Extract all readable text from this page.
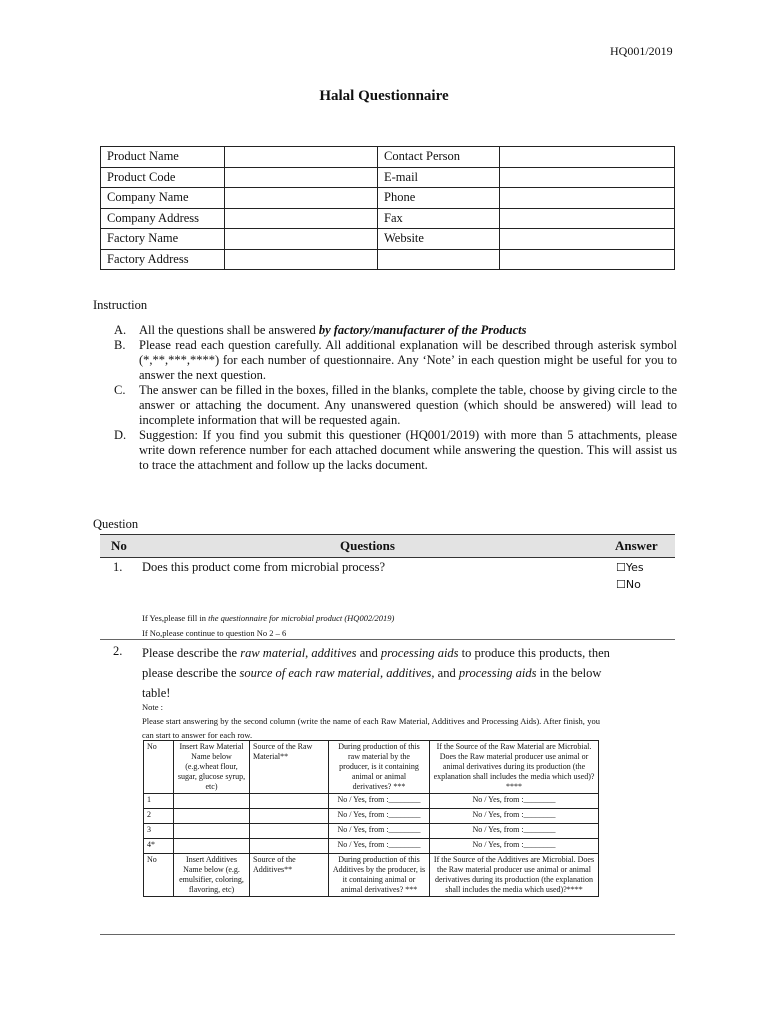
HQ001/2019
Halal Questionnaire
Product Name		Contact Person	
Product Code		E-mail	
Company Name		Phone	
Company Address		Fax	
Factory Name		Website	
Factory Address			
Instruction
A.	All the questions shall be answered by factory/manufacturer of the Products
B.	Please read each question carefully. All additional explanation will be described through asterisk symbol (*,**,***,****) for each number of questionnaire. Any ‘Note’ in each question might be useful for you to answer the next question.
C.	The answer can be filled in the boxes, filled in the blanks, complete the table, choose by giving circle to the answer or attaching the document. Any unanswered question (which should be answered) will lead to incomplete information that will be requested again.
D.	Suggestion: If you find you submit this questioner (HQ001/2019) with more than 5 attachments, please write down reference number for each attached document while answering the question. This will assist us to trace the attachment and follow up the lacks document.
Question
No	Questions	Answer
1. Does this product come from microbial process?	☐Yes
☐No
If Yes,please fill in the questionnaire for microbial product (HQ002/2019)
If No,please continue to question No 2 – 6
2. Please describe the raw material, additives and processing aids to produce this products, then please describe the source of each raw material, additives, and processing aids in the below table!
Note :
Please start answering by the second column (write the name of each Raw Material, Additives and Processing Aids). After finish, you can start to answer for each row.
No	Insert Raw Material Name below (e.g.wheat flour, sugar, glucose syrup, etc)	Source of the Raw Material**	During production of this raw material by the producer, is it containing animal or animal derivatives? ***	If the Source of the Raw Material are Microbial. Does the Raw material producer use animal or animal derivatives during its production (the explanation shall includes the media which used)?****
1			No / Yes, from :________	No / Yes, from :________
2			No / Yes, from :________	No / Yes, from :________
3			No / Yes, from :________	No / Yes, from :________
4*			No / Yes, from :________	No / Yes, from :________
No	Insert Additives Name below (e.g. emulsifier, coloring, flavoring, etc)	Source of the Additives**	During production of this Additives by the producer, is it containing animal or animal derivatives? ***	If the Source of the Additives are Microbial. Does the Raw material producer use animal or animal derivatives during its production (the explanation shall includes the media which used)?****
